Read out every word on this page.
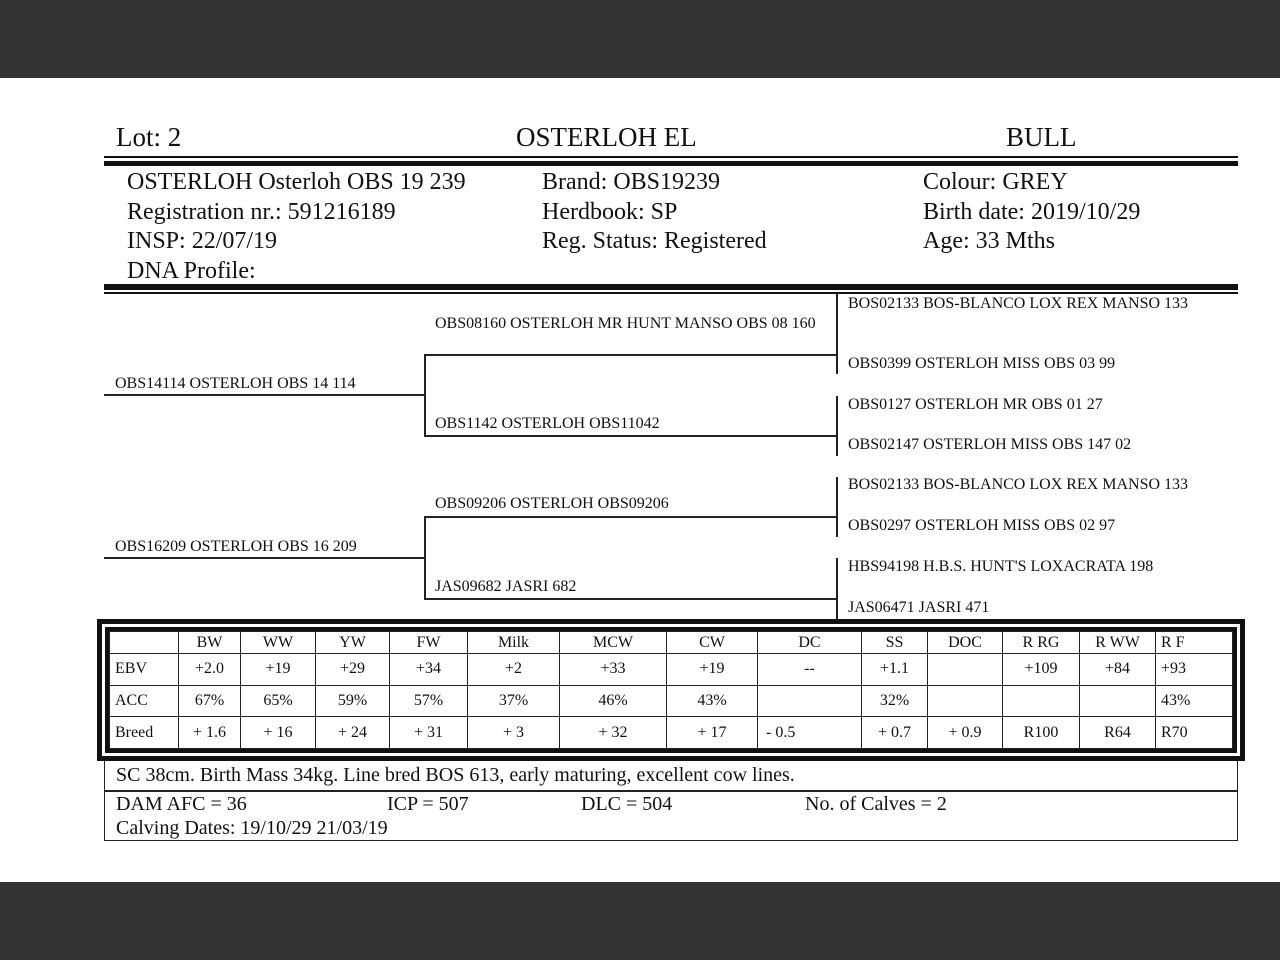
Lot: 2	OSTERLOH EL	BULL
OSTERLOH Osterloh OBS 19 239
Registration nr.: 591216189
INSP: 22/07/19
DNA Profile:
Brand: OBS19239
Herdbook: SP
Reg. Status: Registered
Colour: GREY
Birth date: 2019/10/29
Age: 33 Mths
OBS14114 OSTERLOH OBS 14 114
OBS16209 OSTERLOH OBS 16 209
OBS08160 OSTERLOH MR HUNT MANSO OBS 08 160
OBS1142 OSTERLOH OBS11042
OBS09206 OSTERLOH OBS09206
JAS09682 JASRI 682
BOS02133 BOS-BLANCO LOX REX MANSO 133
OBS0399 OSTERLOH MISS OBS 03 99
OBS0127 OSTERLOH MR OBS 01 27
OBS02147 OSTERLOH MISS OBS 147 02
BOS02133 BOS-BLANCO LOX REX MANSO 133
OBS0297 OSTERLOH MISS OBS 02 97
HBS94198 H.B.S. HUNT'S LOXACRATA 198
JAS06471 JASRI 471
	BW	WW	YW	FW	Milk	MCW	CW	DC	SS	DOC	R RG	R WW	R F
EBV	+2.0	+19	+29	+34	+2	+33	+19	--	+1.1		+109	+84	+93
ACC	67%	65%	59%	57%	37%	46%	43%		32%				43%
Breed	+ 1.6	+ 16	+ 24	+ 31	+ 3	+ 32	+ 17	- 0.5	+ 0.7	+ 0.9	R100	R64	R70
SC 38cm. Birth Mass 34kg. Line bred BOS 613, early maturing, excellent cow lines.
DAM AFC = 36	ICP = 507	DLC = 504	No. of Calves = 2
Calving Dates: 19/10/29 21/03/19
